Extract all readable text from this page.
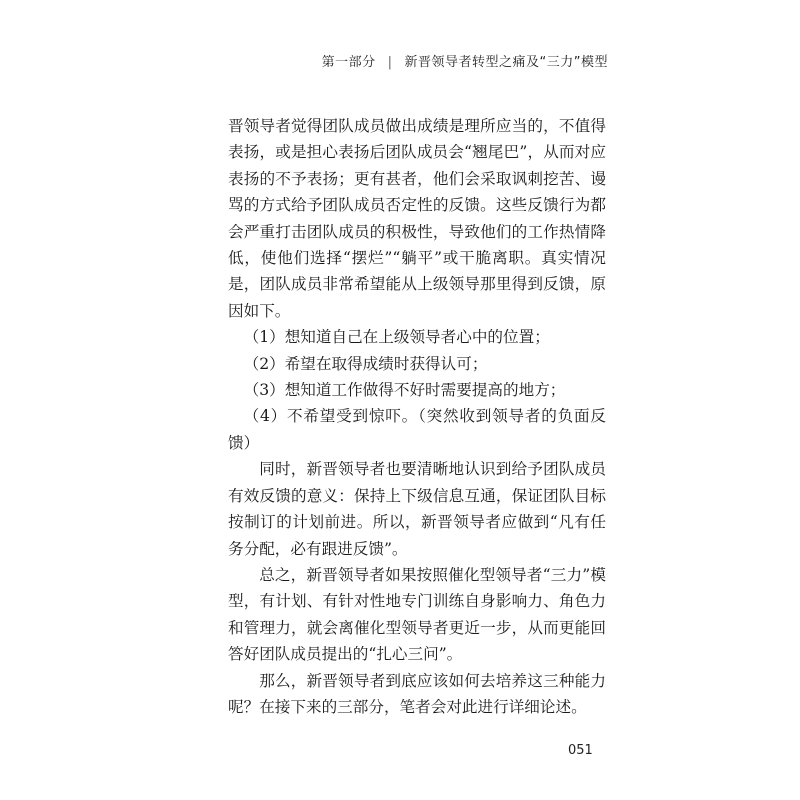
第一部分 | 新晋领导者转型之痛及“三力”模型

晋领导者觉得团队成员做出成绩是理所应当的，不值得表扬，或是担心表扬后团队成员会“翘尾巴”，从而对应表扬的不予表扬；更有甚者，他们会采取讽刺挖苦、谩骂的方式给予团队成员否定性的反馈。这些反馈行为都会严重打击团队成员的积极性，导致他们的工作热情降低，使他们选择“摆烂”“躺平”或干脆离职。真实情况是，团队成员非常希望能从上级领导那里得到反馈，原因如下。

（1）想知道自己在上级领导者心中的位置；

（2）希望在取得成绩时获得认可；

（3）想知道工作做得不好时需要提高的地方；

（4）不希望受到惊吓。（突然收到领导者的负面反馈）

同时，新晋领导者也要清晰地认识到给予团队成员有效反馈的意义：保持上下级信息互通，保证团队目标按制订的计划前进。所以，新晋领导者应做到“凡有任务分配，必有跟进反馈”。

总之，新晋领导者如果按照催化型领导者“三力”模型，有计划、有针对性地专门训练自身影响力、角色力和管理力，就会离催化型领导者更近一步，从而更能回答好团队成员提出的“扎心三问”。

那么，新晋领导者到底应该如何去培养这三种能力呢？在接下来的三部分，笔者会对此进行详细论述。

051
